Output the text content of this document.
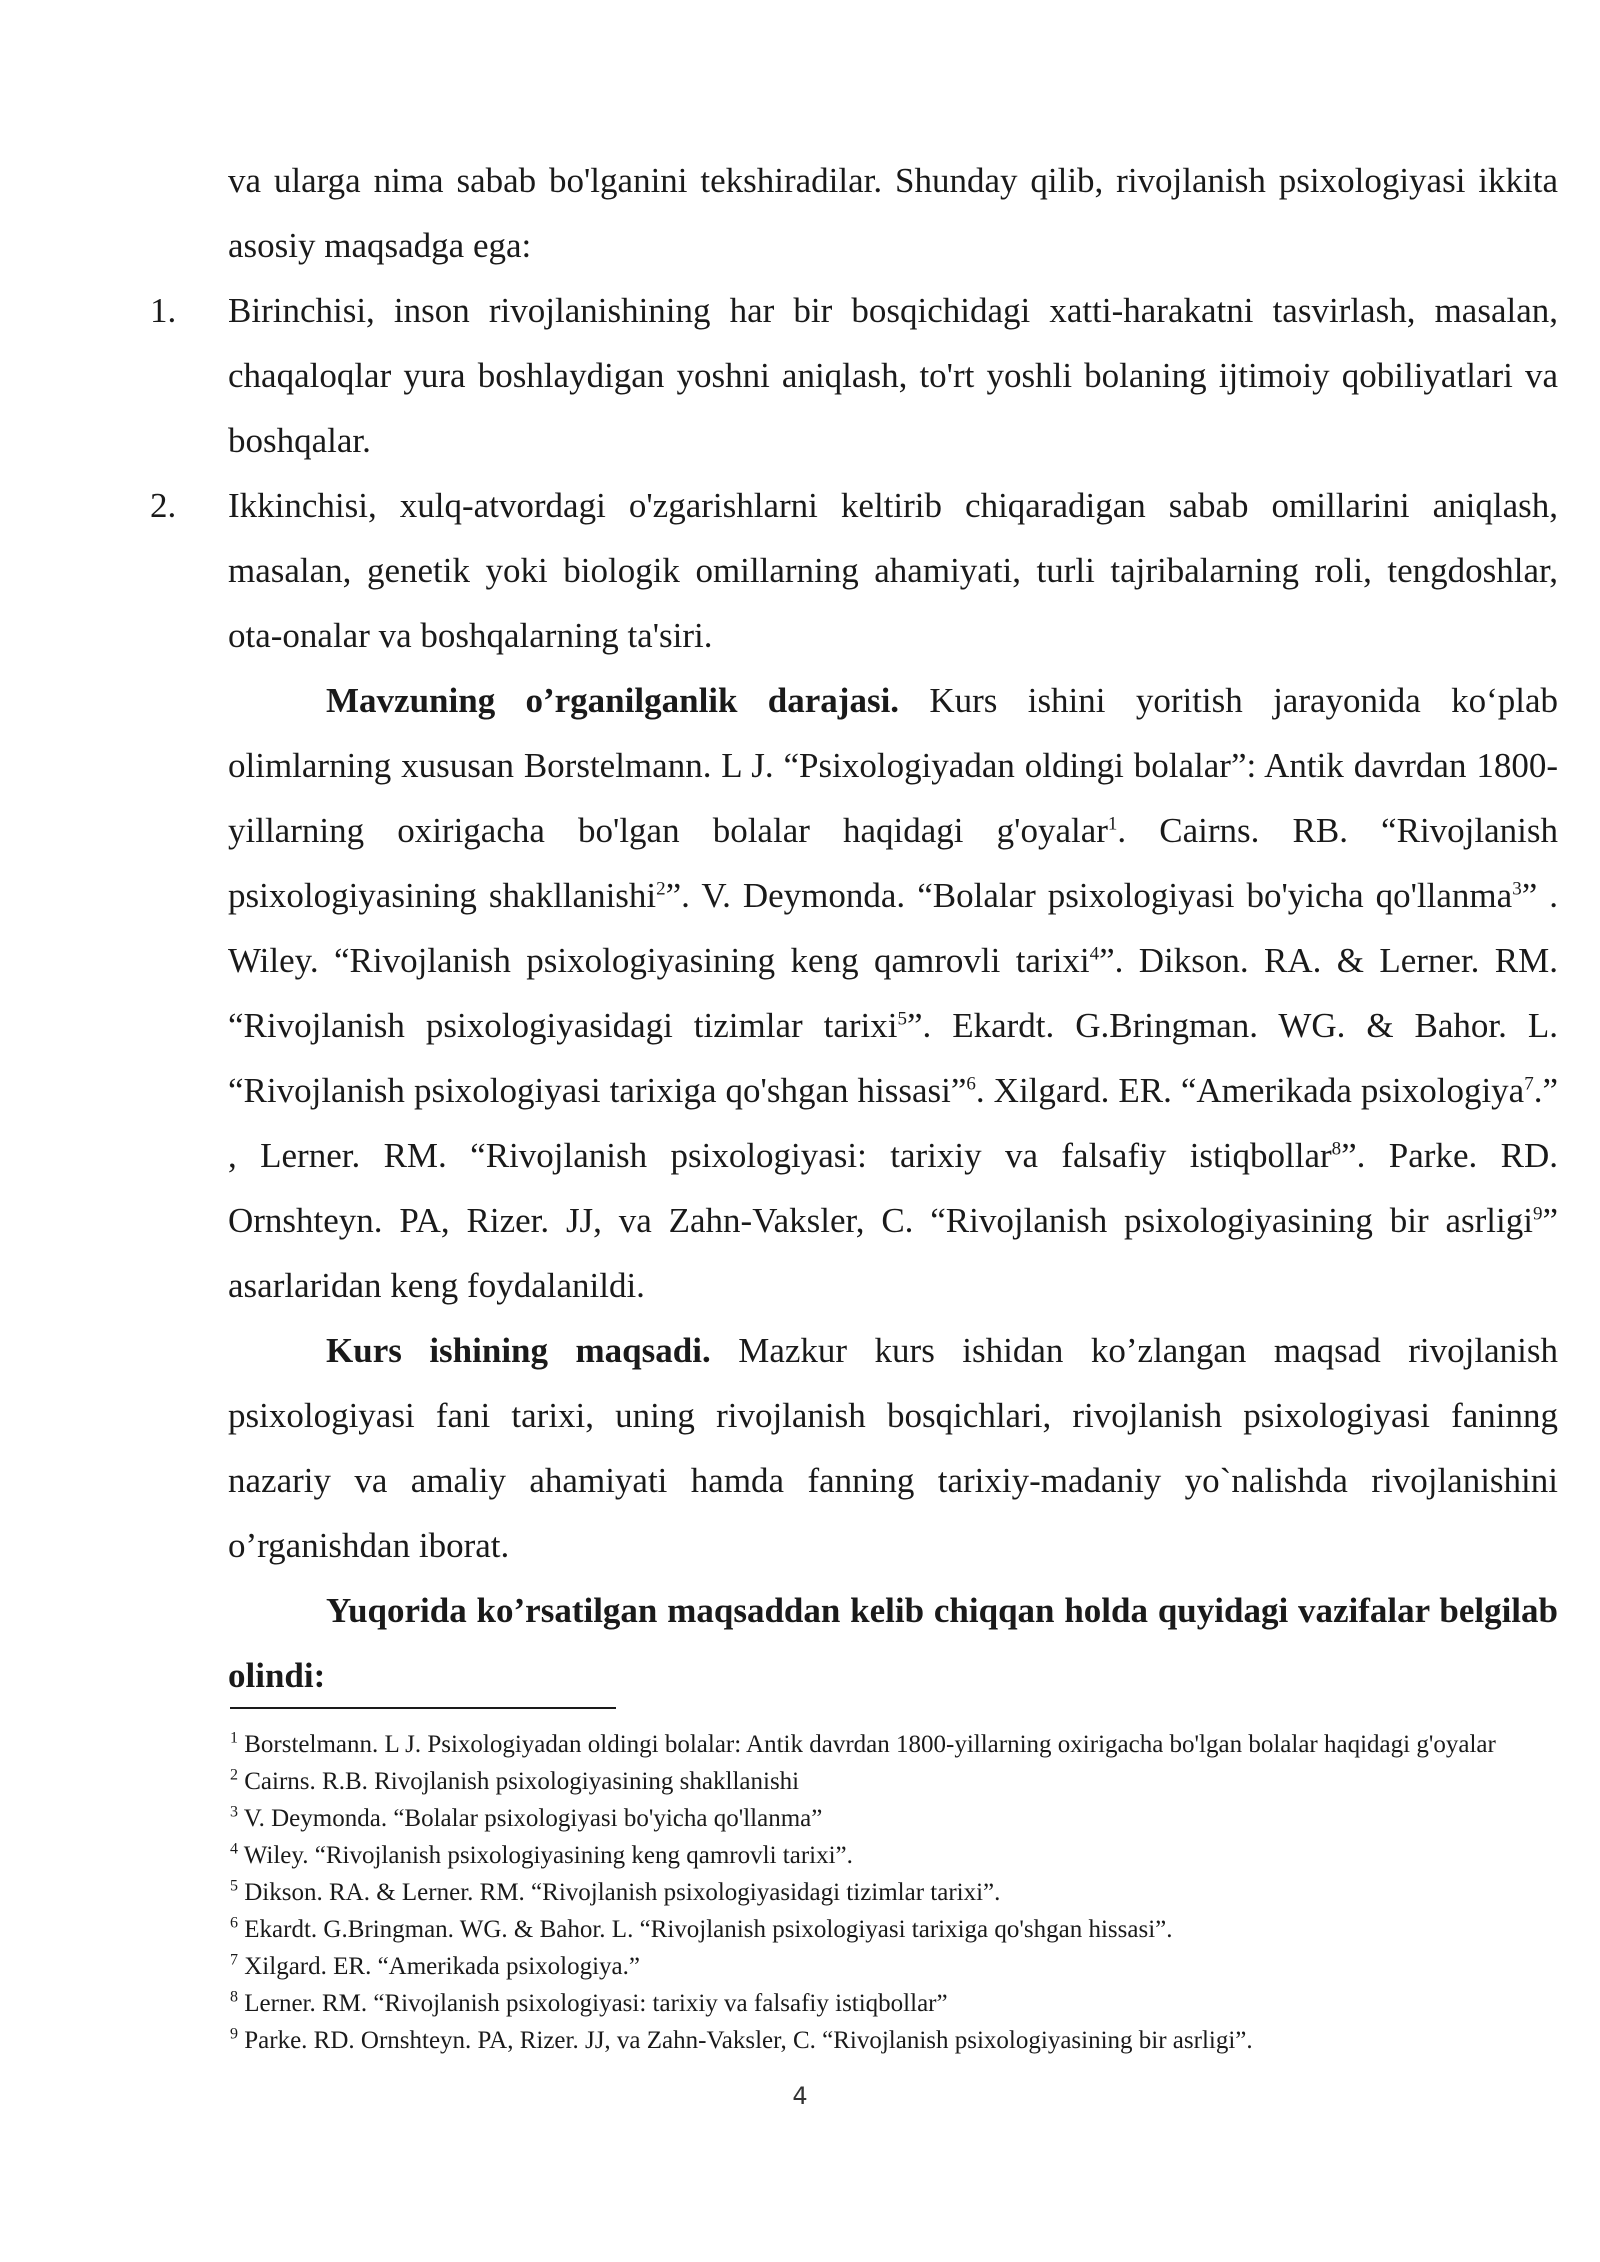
va ularga nima sabab bo'lganini tekshiradilar. Shunday qilib, rivojlanish psixologiyasi ikkita asosiy maqsadga ega:

1.	Birinchisi, inson rivojlanishining har bir bosqichidagi xatti-harakatni tasvirlash, masalan, chaqaloqlar yura boshlaydigan yoshni aniqlash, to'rt yoshli bolaning ijtimoiy qobiliyatlari va boshqalar.
2.	Ikkinchisi, xulq-atvordagi o'zgarishlarni keltirib chiqaradigan sabab omillarini aniqlash, masalan, genetik yoki biologik omillarning ahamiyati, turli tajribalarning roli, tengdoshlar, ota-onalar va boshqalarning ta'siri.

Mavzuning o’rganilganlik darajasi. Kurs ishini yoritish jarayonida ko‘plab olimlarning xususan Borstelmann. L J. “Psixologiyadan oldingi bolalar”: Antik davrdan 1800-yillarning oxirigacha bo'lgan bolalar haqidagi g'oyalar$^1$. Cairns. RB. “Rivojlanish psixologiyasining shakllanishi$^2$”. V. Deymonda. “Bolalar psixologiyasi bo'yicha qo'llanma$^3$” . Wiley. “Rivojlanish psixologiyasining keng qamrovli tarixi$^4$”. Dikson. RA. & Lerner. RM. “Rivojlanish psixologiyasidagi tizimlar tarixi$^5$”. Ekardt. G.Bringman. WG. & Bahor. L. “Rivojlanish psixologiyasi tarixiga qo'shgan hissasi”$^6$. Xilgard. ER. “Amerikada psixologiya$^7$.” , Lerner. RM. “Rivojlanish psixologiyasi: tarixiy va falsafiy istiqbollar$^8$”. Parke. RD. Ornshteyn. PA, Rizer. JJ, va Zahn-Vaksler, C. “Rivojlanish psixologiyasining bir asrligi$^9$” asarlaridan keng foydalanildi.

Kurs ishining maqsadi. Mazkur kurs ishidan ko’zlangan maqsad rivojlanish psixologiyasi fani tarixi, uning rivojlanish bosqichlari, rivojlanish psixologiyasi faninng nazariy va amaliy ahamiyati hamda fanning tarixiy-madaniy yo`nalishda rivojlanishini o’rganishdan iborat.

Yuqorida ko’rsatilgan maqsaddan kelib chiqqan holda quyidagi vazifalar belgilab olindi:

$^1$ Borstelmann. L J. Psixologiyadan oldingi bolalar: Antik davrdan 1800-yillarning oxirigacha bo'lgan bolalar haqidagi g'oyalar

$^2$ Cairns. R.B. Rivojlanish psixologiyasining shakllanishi

$^3$ V. Deymonda. “Bolalar psixologiyasi bo'yicha qo'llanma”

$^4$ Wiley. “Rivojlanish psixologiyasining keng qamrovli tarixi”.

$^5$ Dikson. RA. & Lerner. RM. “Rivojlanish psixologiyasidagi tizimlar tarixi”.

$^6$ Ekardt. G.Bringman. WG. & Bahor. L. “Rivojlanish psixologiyasi tarixiga qo'shgan hissasi”.

$^7$ Xilgard. ER. “Amerikada psixologiya.”

$^8$ Lerner. RM. “Rivojlanish psixologiyasi: tarixiy va falsafiy istiqbollar”

$^9$ Parke. RD. Ornshteyn. PA, Rizer. JJ, va Zahn-Vaksler, C. “Rivojlanish psixologiyasining bir asrligi”.

4
